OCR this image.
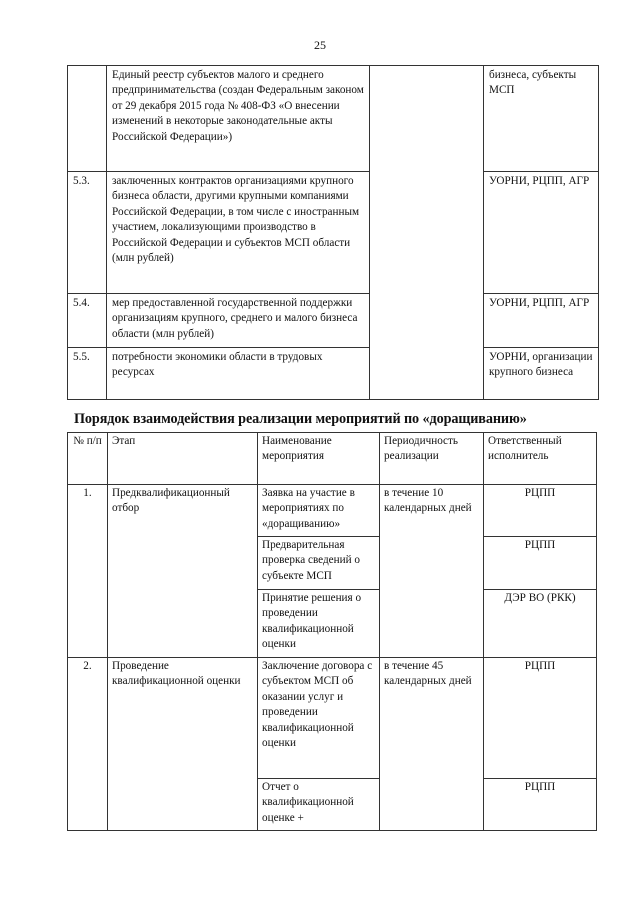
25
	Единый реестр субъектов малого и среднего предпринимательства (создан Федеральным законом от 29 декабря 2015 года № 408-ФЗ «О внесении изменений в некоторые законодательные акты Российской Федерации»)		бизнеса, субъекты МСП
5.3.	заключенных контрактов организациями крупного бизнеса области, другими крупными компаниями Российской Федерации, в том числе с иностранным участием, локализующими производство в Российской Федерации и субъектов МСП области (млн рублей)		УОРНИ, РЦПП, АГР
5.4.	мер предоставленной государственной поддержки организациям крупного, среднего и малого бизнеса области (млн рублей)		УОРНИ, РЦПП, АГР
5.5.	потребности экономики области в трудовых ресурсах		УОРНИ, организации крупного бизнеса
Порядок взаимодействия реализации мероприятий по «доращиванию»
№ п/п	Этап	Наименование мероприятия	Периодичность реализации	Ответственный исполнитель
1.	Предквалификационный отбор	Заявка на участие в мероприятиях по «доращиванию»	в течение 10 календарных дней	РЦПП
		Предварительная проверка сведений о субъекте МСП		РЦПП
		Принятие решения о проведении квалификационной оценки		ДЭР ВО (РКК)
2.	Проведение квалификационной оценки	Заключение договора с субъектом МСП об оказании услуг и проведении квалификационной оценки	в течение 45 календарных дней	РЦПП
		Отчет о квалификационной оценке +		РЦПП
